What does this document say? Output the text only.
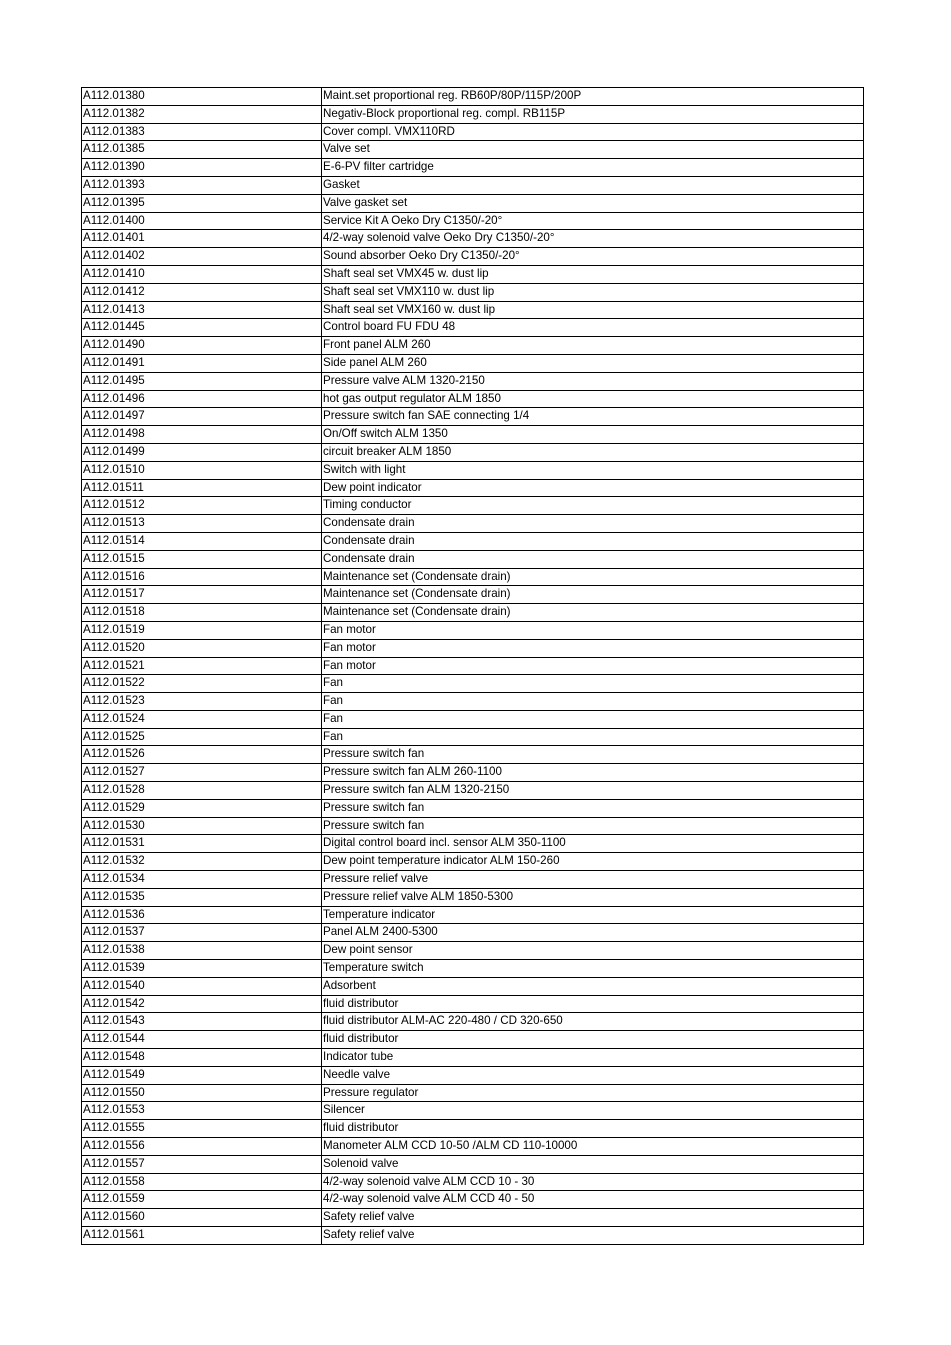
A112.01380	Maint.set proportional reg. RB60P/80P/115P/200P
A112.01382	Negativ-Block proportional reg. compl. RB115P
A112.01383	Cover compl. VMX110RD
A112.01385	Valve set
A112.01390	E-6-PV filter cartridge
A112.01393	Gasket
A112.01395	Valve gasket set
A112.01400	Service Kit A Oeko Dry C1350/-20°
A112.01401	4/2-way solenoid valve Oeko Dry C1350/-20°
A112.01402	Sound absorber Oeko Dry C1350/-20°
A112.01410	Shaft seal set VMX45 w. dust lip
A112.01412	Shaft seal set VMX110 w. dust lip
A112.01413	Shaft seal set VMX160 w. dust lip
A112.01445	Control board FU FDU 48
A112.01490	Front panel ALM 260
A112.01491	Side panel ALM 260
A112.01495	Pressure valve ALM 1320-2150
A112.01496	hot gas output regulator ALM 1850
A112.01497	Pressure switch fan SAE connecting 1/4
A112.01498	On/Off switch ALM 1350
A112.01499	circuit breaker ALM 1850
A112.01510	Switch with light
A112.01511	Dew point indicator
A112.01512	Timing conductor
A112.01513	Condensate drain
A112.01514	Condensate drain
A112.01515	Condensate drain
A112.01516	Maintenance set (Condensate drain)
A112.01517	Maintenance set (Condensate drain)
A112.01518	Maintenance set (Condensate drain)
A112.01519	Fan motor
A112.01520	Fan motor
A112.01521	Fan motor
A112.01522	Fan
A112.01523	Fan
A112.01524	Fan
A112.01525	Fan
A112.01526	Pressure switch fan
A112.01527	Pressure switch fan ALM 260-1100
A112.01528	Pressure switch fan ALM 1320-2150
A112.01529	Pressure switch fan
A112.01530	Pressure switch fan
A112.01531	Digital control board incl. sensor ALM 350-1100
A112.01532	Dew point temperature indicator ALM 150-260
A112.01534	Pressure relief valve
A112.01535	Pressure relief valve ALM 1850-5300
A112.01536	Temperature indicator
A112.01537	Panel ALM 2400-5300
A112.01538	Dew point sensor
A112.01539	Temperature switch
A112.01540	Adsorbent
A112.01542	fluid distributor
A112.01543	fluid distributor ALM-AC 220-480 / CD 320-650
A112.01544	fluid distributor
A112.01548	Indicator tube
A112.01549	Needle valve
A112.01550	Pressure regulator
A112.01553	Silencer
A112.01555	fluid distributor
A112.01556	Manometer ALM CCD 10-50 /ALM CD 110-10000
A112.01557	Solenoid valve
A112.01558	4/2-way solenoid valve ALM CCD 10 - 30
A112.01559	4/2-way solenoid valve ALM CCD 40 - 50
A112.01560	Safety relief valve
A112.01561	Safety relief valve
